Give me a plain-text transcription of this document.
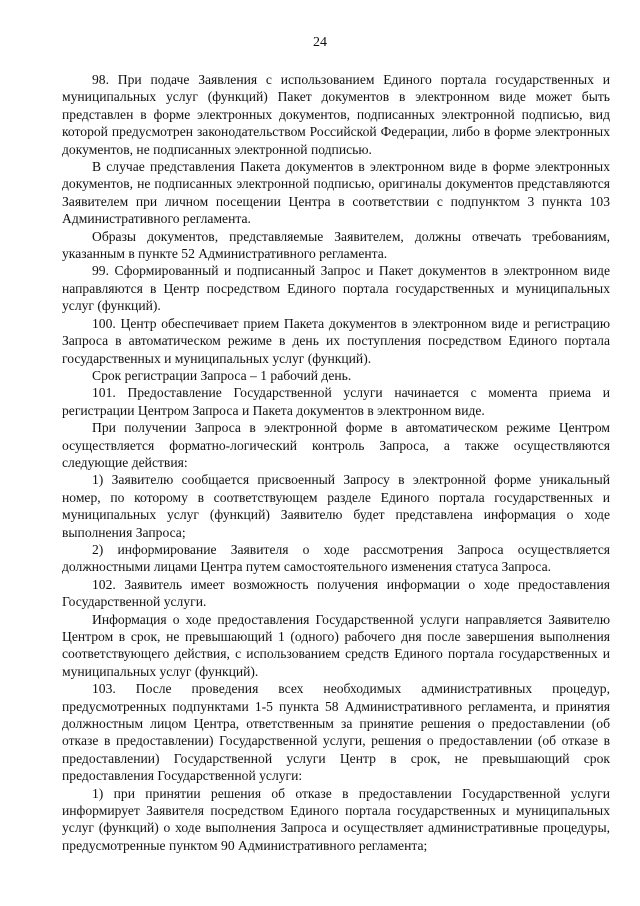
24

98. При подаче Заявления с использованием Единого портала государственных и муниципальных услуг (функций) Пакет документов в электронном виде может быть представлен в форме электронных документов, подписанных электронной подписью, вид которой предусмотрен законодательством Российской Федерации, либо в форме электронных документов, не подписанных электронной подписью.

В случае представления Пакета документов в электронном виде в форме электронных документов, не подписанных электронной подписью, оригиналы документов представляются Заявителем при личном посещении Центра в соответствии с подпунктом 3 пункта 103 Административного регламента.

Образы документов, представляемые Заявителем, должны отвечать требованиям, указанным в пункте 52 Административного регламента.

99. Сформированный и подписанный Запрос и Пакет документов в электронном виде направляются в Центр посредством Единого портала государственных и муниципальных услуг (функций).

100. Центр обеспечивает прием Пакета документов в электронном виде и регистрацию Запроса в автоматическом режиме в день их поступления посредством Единого портала государственных и муниципальных услуг (функций).

Срок регистрации Запроса – 1 рабочий день.

101. Предоставление Государственной услуги начинается с момента приема и регистрации Центром Запроса и Пакета документов в электронном виде.

При получении Запроса в электронной форме в автоматическом режиме Центром осуществляется форматно-логический контроль Запроса, а также осуществляются следующие действия:

1) Заявителю сообщается присвоенный Запросу в электронной форме уникальный номер, по которому в соответствующем разделе Единого портала государственных и муниципальных услуг (функций) Заявителю будет представлена информация о ходе выполнения Запроса;

2) информирование Заявителя о ходе рассмотрения Запроса осуществляется должностными лицами Центра путем самостоятельного изменения статуса Запроса.

102. Заявитель имеет возможность получения информации о ходе предоставления Государственной услуги.

Информация о ходе предоставления Государственной услуги направляется Заявителю Центром в срок, не превышающий 1 (одного) рабочего дня после завершения выполнения соответствующего действия, с использованием средств Единого портала государственных и муниципальных услуг (функций).

103. После проведения всех необходимых административных процедур, предусмотренных подпунктами 1-5 пункта 58 Административного регламента, и принятия должностным лицом Центра, ответственным за принятие решения о предоставлении (об отказе в предоставлении) Государственной услуги, решения о предоставлении (об отказе в предоставлении) Государственной услуги Центр в срок, не превышающий срок предоставления Государственной услуги:

1) при принятии решения об отказе в предоставлении Государственной услуги информирует Заявителя посредством Единого портала государственных и муниципальных услуг (функций) о ходе выполнения Запроса и осуществляет административные процедуры, предусмотренные пунктом 90 Административного регламента;
